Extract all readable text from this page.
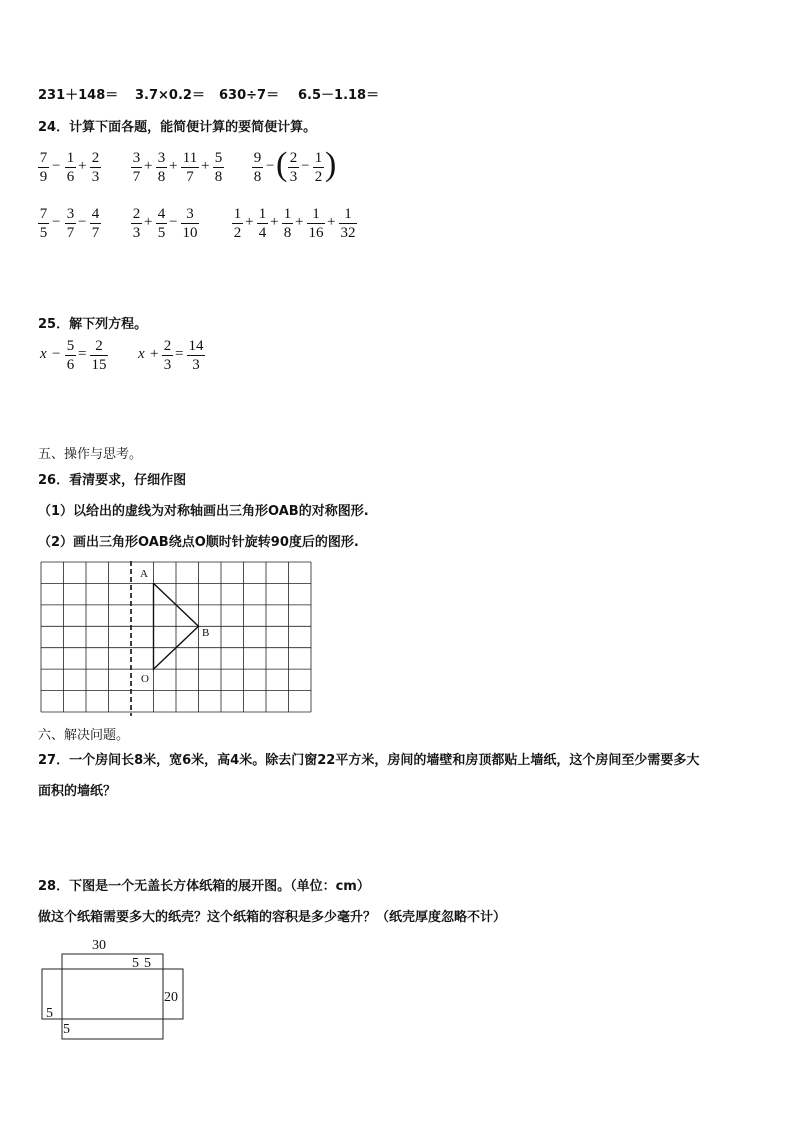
231＋148＝ 3.7×0.2＝ 630÷7＝ 6.5－1.18＝
24．计算下面各题，能简便计算的要简便计算。
7
9
− 1
6
+ 2
3
3
7
+ 3
8
+ 11
7
+ 5
8
9
8
− ( 2
3
− 1
2 )
7
5
− 3
7
− 4
7
2
3
+ 4
5
− 3
10
1
2
+ 1
4
+ 1
8
+ 1
16
+ 1
32
25．解下列方程。
x − 5
6
= 2
15
x + 2
3
= 14
3
五、操作与思考。
26．看清要求，仔细作图
（1）以给出的虚线为对称轴画出三角形OAB的对称图形.
（2）画出三角形OAB绕点O顺时针旋转90度后的图形.
A
B
O
六、解决问题。
27．一个房间长8米，宽6米，高4米。除去门窗22平方米，房间的墙壁和房顶都贴上墙纸，这个房间至少需要多大
面积的墙纸？
28．下图是一个无盖长方体纸箱的展开图。（单位：cm）
做这个纸箱需要多大的纸壳？这个纸箱的容积是多少毫升？（纸壳厚度忽略不计）
30
5 5
20
5
5
